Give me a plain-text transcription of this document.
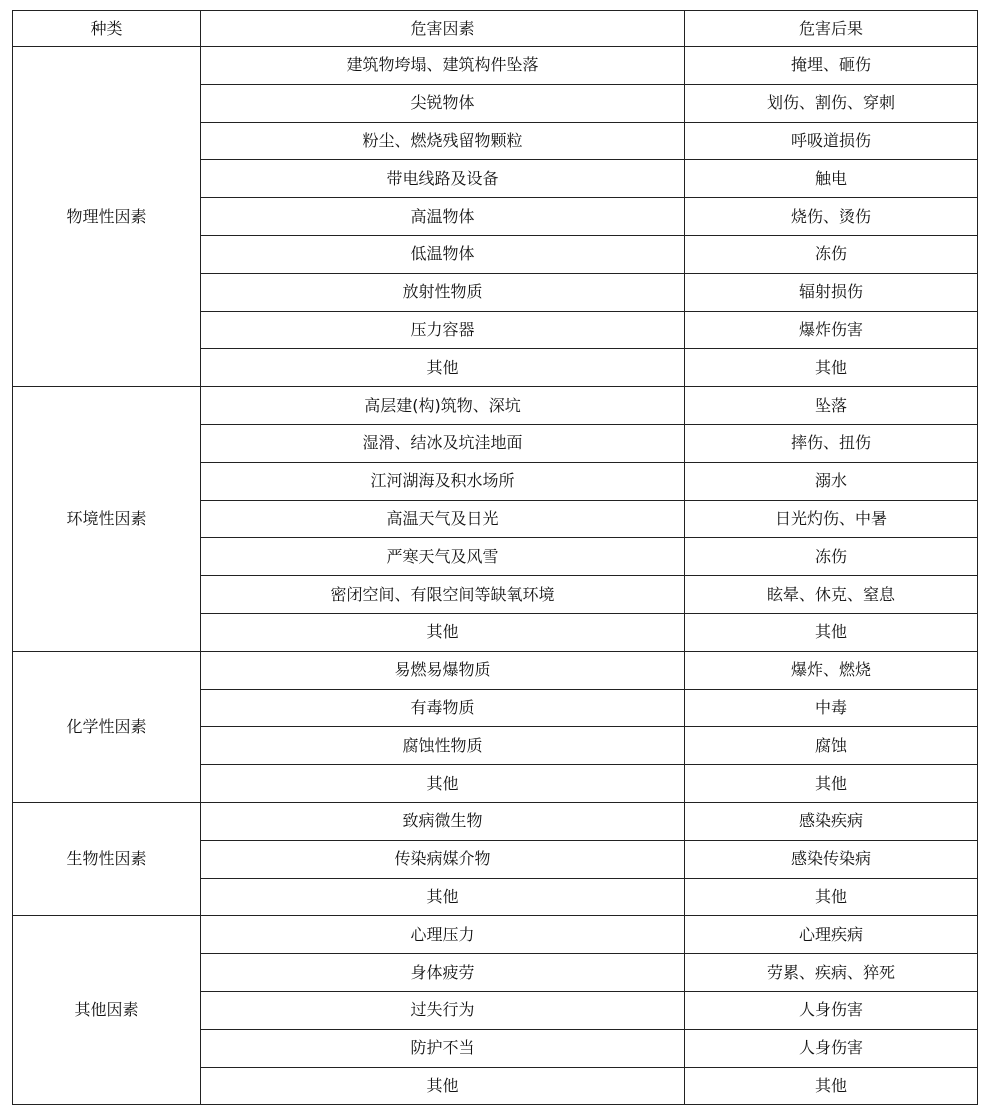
种类	危害因素	危害后果
物理性因素	建筑物垮塌、建筑构件坠落	掩埋、砸伤
	尖锐物体	划伤、割伤、穿刺
	粉尘、燃烧残留物颗粒	呼吸道损伤
	带电线路及设备	触电
	高温物体	烧伤、烫伤
	低温物体	冻伤
	放射性物质	辐射损伤
	压力容器	爆炸伤害
	其他	其他
环境性因素	高层建(构)筑物、深坑	坠落
	湿滑、结冰及坑洼地面	摔伤、扭伤
	江河湖海及积水场所	溺水
	高温天气及日光	日光灼伤、中暑
	严寒天气及风雪	冻伤
	密闭空间、有限空间等缺氧环境	眩晕、休克、窒息
	其他	其他
化学性因素	易燃易爆物质	爆炸、燃烧
	有毒物质	中毒
	腐蚀性物质	腐蚀
	其他	其他
生物性因素	致病微生物	感染疾病
	传染病媒介物	感染传染病
	其他	其他
其他因素	心理压力	心理疾病
	身体疲劳	劳累、疾病、猝死
	过失行为	人身伤害
	防护不当	人身伤害
	其他	其他
